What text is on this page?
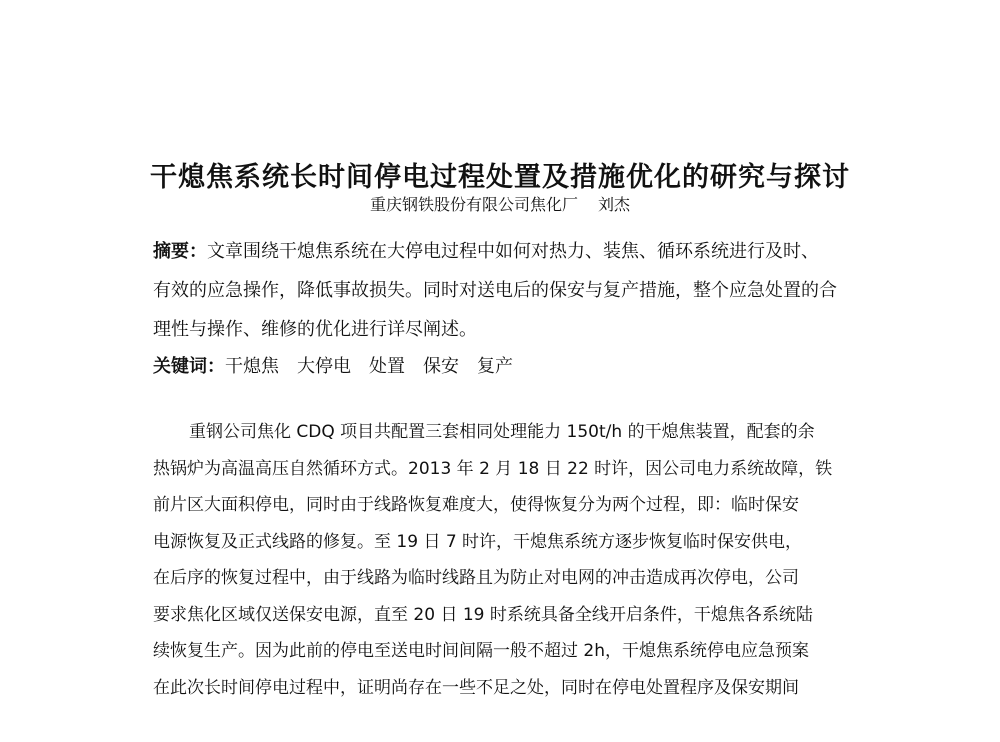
干熄焦系统长时间停电过程处置及措施优化的研究与探讨
重庆钢铁股份有限公司焦化厂 刘杰
摘要：文章围绕干熄焦系统在大停电过程中如何对热力、装焦、循环系统进行及时、
有效的应急操作，降低事故损失。同时对送电后的保安与复产措施，整个应急处置的合
理性与操作、维修的优化进行详尽阐述。
关键词：干熄焦 大停电 处置 保安 复产
重钢公司焦化 CDQ 项目共配置三套相同处理能力 150t/h 的干熄焦装置，配套的余
热锅炉为高温高压自然循环方式。2013 年 2 月 18 日 22 时许，因公司电力系统故障，铁
前片区大面积停电，同时由于线路恢复难度大，使得恢复分为两个过程，即：临时保安
电源恢复及正式线路的修复。至 19 日 7 时许，干熄焦系统方逐步恢复临时保安供电，
在后序的恢复过程中，由于线路为临时线路且为防止对电网的冲击造成再次停电，公司
要求焦化区域仅送保安电源，直至 20 日 19 时系统具备全线开启条件，干熄焦各系统陆
续恢复生产。因为此前的停电至送电时间间隔一般不超过 2h，干熄焦系统停电应急预案
在此次长时间停电过程中，证明尚存在一些不足之处，同时在停电处置程序及保安期间
